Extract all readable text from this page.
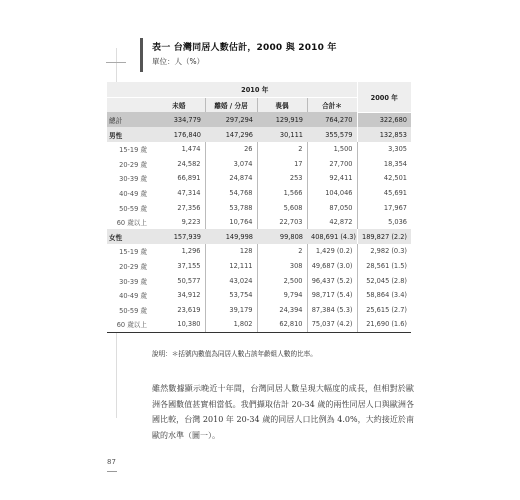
表一 台灣同居人數估計，2000 與 2010 年
單位：人（%）
	2010 年				2000 年
	未婚	離婚 / 分居	喪偶	合計＊	
總計	334,779	297,294	129,919	764,270	322,680
男性	176,840	147,296	30,111	355,579	132,853
15-19 歲	1,474	26	2	1,500	3,305
20-29 歲	24,582	3,074	17	27,700	18,354
30-39 歲	66,891	24,874	253	92,411	42,501
40-49 歲	47,314	54,768	1,566	104,046	45,691
50-59 歲	27,356	53,788	5,608	87,050	17,967
60 歲以上	9,223	10,764	22,703	42,872	5,036
女性	157,939	149,998	99,808	408,691 (4.3)	189,827 (2.2)
15-19 歲	1,296	128	2	1,429 (0.2)	2,982 (0.3)
20-29 歲	37,155	12,111	308	49,687 (3.0)	28,561 (1.5)
30-39 歲	50,577	43,024	2,500	96,437 (5.2)	52,045 (2.8)
40-49 歲	34,912	53,754	9,794	98,717 (5.4)	58,864 (3.4)
50-59 歲	23,619	39,179	24,394	87,384 (5.3)	25,615 (2.7)
60 歲以上	10,380	1,802	62,810	75,037 (4.2)	21,690 (1.6)
說明：＊括號內數值為同居人數占該年齡組人數的比率。
雖然數據顯示晚近十年間，台灣同居人數呈現大幅度的成長，但相對於歐洲各國數值甚實相當低。我們擷取估計 20-34 歲的兩性同居人口與歐洲各國比較，台灣 2010 年 20-34 歲的同居人口比例為 4.0%，大約接近於南歐的水準（圖一）。
87
